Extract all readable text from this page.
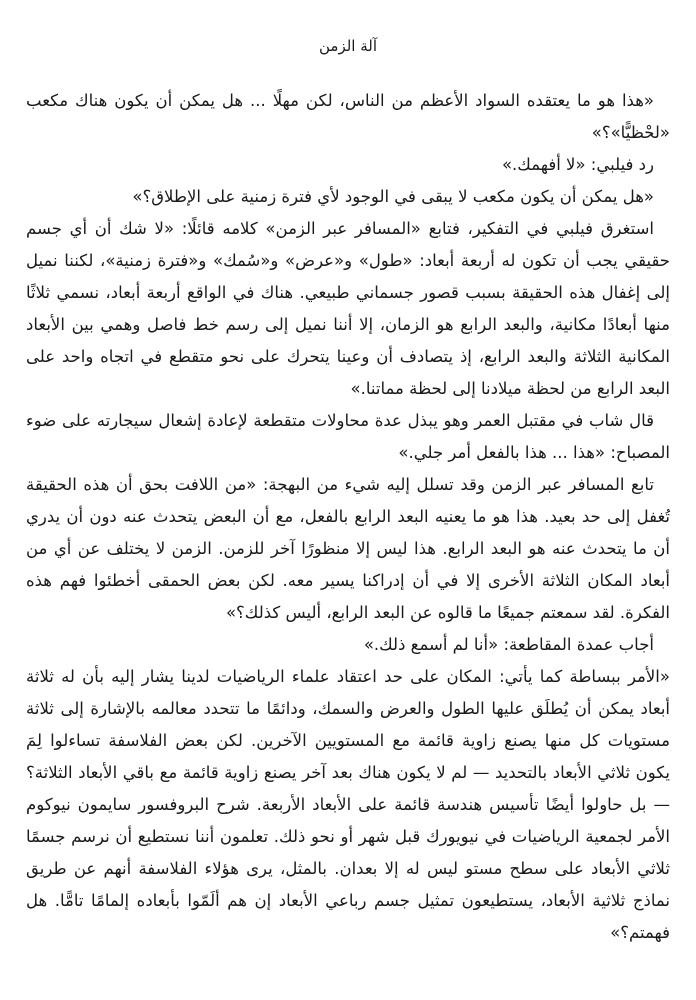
آلة الزمن

«هذا هو ما يعتقده السواد الأعظم من الناس، لكن مهلًا ... هل يمكن أن يكون هناك مكعب «لحْظيًّا»؟»

رد فيلبي: «لا أفهمك.»

«هل يمكن أن يكون مكعب لا يبقى في الوجود لأي فترة زمنية على الإطلاق؟»

استغرق فيلبي في التفكير، فتابع «المسافر عبر الزمن» كلامه قائلًا: «لا شك أن أي جسم حقيقي يجب أن تكون له أربعة أبعاد: «طول» و«عرض» و«سُمك» و«فترة زمنية»، لكننا نميل إلى إغفال هذه الحقيقة بسبب قصور جسماني طبيعي. هناك في الواقع أربعة أبعاد، نسمي ثلاثًا منها أبعادًا مكانية، والبعد الرابع هو الزمان، إلا أننا نميل إلى رسم خط فاصل وهمي بين الأبعاد المكانية الثلاثة والبعد الرابع، إذ يتصادف أن وعينا يتحرك على نحو متقطع في اتجاه واحد على البعد الرابع من لحظة ميلادنا إلى لحظة مماتنا.»

قال شاب في مقتبل العمر وهو يبذل عدة محاولات متقطعة لإعادة إشعال سيجارته على ضوء المصباح: «هذا ... هذا بالفعل أمر جلي.»

تابع المسافر عبر الزمن وقد تسلل إليه شيء من البهجة: «من اللافت بحق أن هذه الحقيقة تُغفل إلى حد بعيد. هذا هو ما يعنيه البعد الرابع بالفعل، مع أن البعض يتحدث عنه دون أن يدري أن ما يتحدث عنه هو البعد الرابع. هذا ليس إلا منظورًا آخر للزمن. الزمن لا يختلف عن أي من أبعاد المكان الثلاثة الأخرى إلا في أن إدراكنا يسير معه. لكن بعض الحمقى أخطئوا فهم هذه الفكرة. لقد سمعتم جميعًا ما قالوه عن البعد الرابع، أليس كذلك؟»

أجاب عمدة المقاطعة: «أنا لم أسمع ذلك.»

«الأمر ببساطة كما يأتي: المكان على حد اعتقاد علماء الرياضيات لدينا يشار إليه بأن له ثلاثة أبعاد يمكن أن يُطلَق عليها الطول والعرض والسمك، ودائمًا ما تتحدد معالمه بالإشارة إلى ثلاثة مستويات كل منها يصنع زاوية قائمة مع المستويين الآخرين. لكن بعض الفلاسفة تساءلوا لِمَ يكون ثلاثي الأبعاد بالتحديد — لم لا يكون هناك بعد آخر يصنع زاوية قائمة مع باقي الأبعاد الثلاثة؟ — بل حاولوا أيضًا تأسيس هندسة قائمة على الأبعاد الأربعة. شرح البروفسور سايمون نيوكوم الأمر لجمعية الرياضيات في نيويورك قبل شهر أو نحو ذلك. تعلمون أننا نستطيع أن نرسم جسمًا ثلاثي الأبعاد على سطح مستو ليس له إلا بعدان. بالمثل، يرى هؤلاء الفلاسفة أنهم عن طريق نماذج ثلاثية الأبعاد، يستطيعون تمثيل جسم رباعي الأبعاد إن هم ألَمّوا بأبعاده إلمامًا تامًّا. هل فهمتم؟»
